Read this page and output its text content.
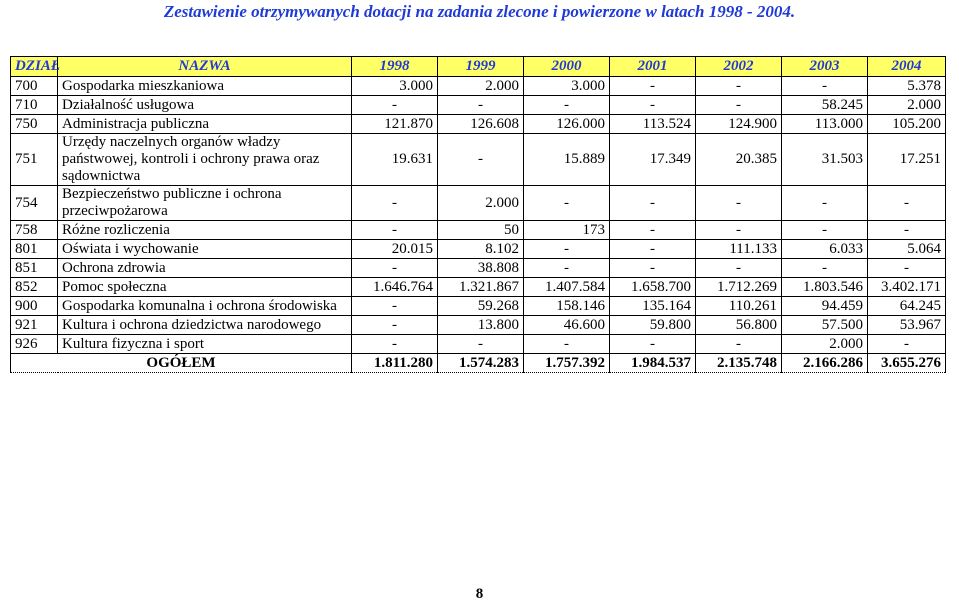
Zestawienie otrzymywanych dotacji na zadania zlecone i powierzone w latach 1998 - 2004.
DZIAŁ	NAZWA	1998	1999	2000	2001	2002	2003	2004
700	Gospodarka mieszkaniowa	3.000	2.000	3.000	-	-	-	5.378
710	Działalność usługowa	-	-	-	-	-	58.245	2.000
750	Administracja publiczna	121.870	126.608	126.000	113.524	124.900	113.000	105.200
751	Urzędy naczelnych organów władzy państwowej, kontroli i ochrony prawa oraz sądownictwa	19.631	-	15.889	17.349	20.385	31.503	17.251
754	Bezpieczeństwo publiczne i ochrona przeciwpożarowa	-	2.000	-	-	-	-	-
758	Różne rozliczenia	-	50	173	-	-	-	-
801	Oświata i wychowanie	20.015	8.102	-	-	111.133	6.033	5.064
851	Ochrona zdrowia	-	38.808	-	-	-	-	-
852	Pomoc społeczna	1.646.764	1.321.867	1.407.584	1.658.700	1.712.269	1.803.546	3.402.171
900	Gospodarka komunalna i ochrona środowiska	-	59.268	158.146	135.164	110.261	94.459	64.245
921	Kultura i ochrona dziedzictwa narodowego	-	13.800	46.600	59.800	56.800	57.500	53.967
926	Kultura fizyczna i sport	-	-	-	-	-	2.000	-
OGÓŁEM		1.811.280	1.574.283	1.757.392	1.984.537	2.135.748	2.166.286	3.655.276
8
